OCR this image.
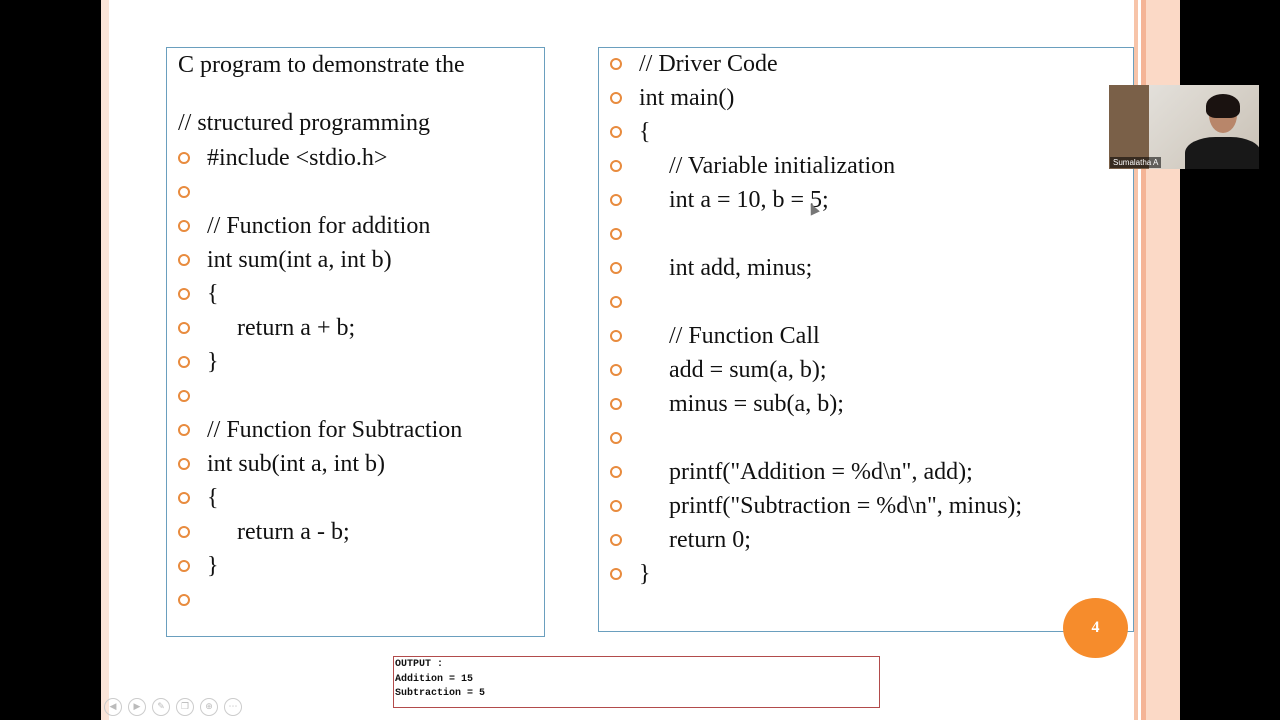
C program to demonstrate the

// structured programming

#include <stdio.h>
// Function for addition
int sum(int a, int b)
{
return a + b;
}
// Function for Subtraction
int sub(int a, int b)
{
return a - b;
}
// Driver Code
int main()
{
// Variable initialization
int a = 10, b = 5;
int add, minus;
// Function Call
add = sum(a, b);
minus = sub(a, b);
printf("Addition = %d\n", add);
printf("Subtraction = %d\n", minus);
return 0;
}
4
OUTPUT :
Addition = 15
Subtraction = 5
◀	▶	✎	❐	⊕	⋯
Sumalatha A
